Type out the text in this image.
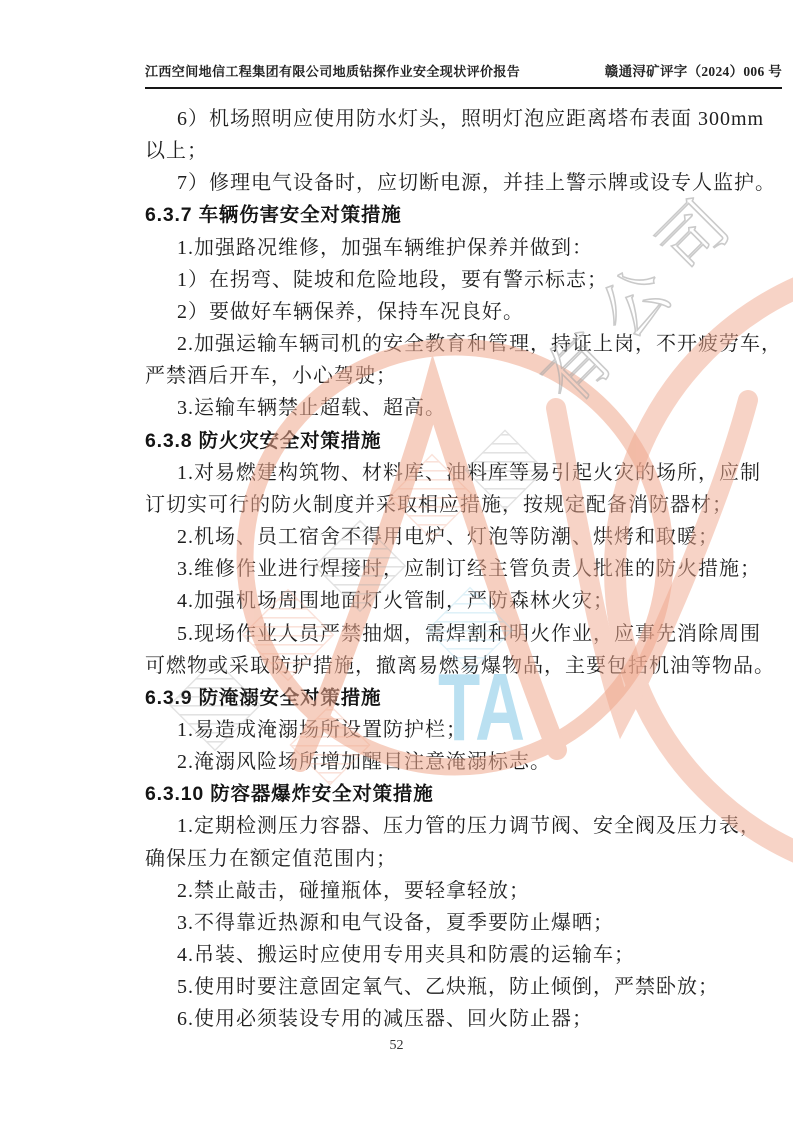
江西空间地信工程集团有限公司地质钻探作业安全现状评价报告	赣通浔矿评字（2024）006 号
6）机场照明应使用防水灯头，照明灯泡应距离塔布表面 300mm
以上；
7）修理电气设备时，应切断电源，并挂上警示牌或设专人监护。
6.3.7 车辆伤害安全对策措施
1.加强路况维修，加强车辆维护保养并做到：
1）在拐弯、陡坡和危险地段，要有警示标志；
2）要做好车辆保养，保持车况良好。
2.加强运输车辆司机的安全教育和管理，持证上岗，不开疲劳车，
严禁酒后开车，小心驾驶；
3.运输车辆禁止超载、超高。
6.3.8 防火灾安全对策措施
1.对易燃建构筑物、材料库、油料库等易引起火灾的场所，应制
订切实可行的防火制度并采取相应措施，按规定配备消防器材；
2.机场、员工宿舍不得用电炉、灯泡等防潮、烘烤和取暖；
3.维修作业进行焊接时，应制订经主管负责人批准的防火措施；
4.加强机场周围地面灯火管制，严防森林火灾；
5.现场作业人员严禁抽烟，需焊割和明火作业，应事先消除周围
可燃物或采取防护措施，撤离易燃易爆物品，主要包括机油等物品。
6.3.9 防淹溺安全对策措施
1.易造成淹溺场所设置防护栏；
2.淹溺风险场所增加醒目注意淹溺标志。
6.3.10 防容器爆炸安全对策措施
1.定期检测压力容器、压力管的压力调节阀、安全阀及压力表，
确保压力在额定值范围内；
2.禁止敲击，碰撞瓶体，要轻拿轻放；
3.不得靠近热源和电气设备，夏季要防止爆晒；
4.吊装、搬运时应使用专用夹具和防震的运输车；
5.使用时要注意固定氧气、乙炔瓶，防止倾倒，严禁卧放；
6.使用必须装设专用的减压器、回火防止器；
52
TA
有
公
司
